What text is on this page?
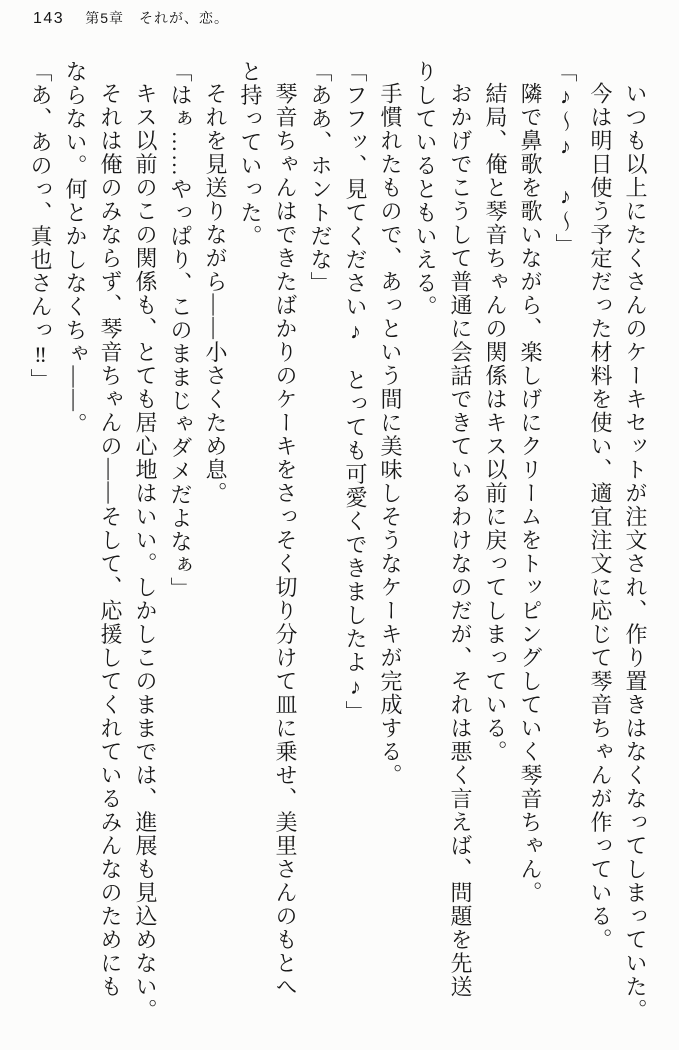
143 第5章　それが、恋。

いつも以上にたくさんのケーキセットが注文され、作り置きはなくなってしまっていた。

今は明日使う予定だった材料を使い、適宜注文に応じて琴音ちゃんが作っている。

「♪～♪　♪～」

隣で鼻歌を歌いながら、楽しげにクリームをトッピングしていく琴音ちゃん。

結局、俺と琴音ちゃんの関係はキス以前に戻ってしまっている。

おかげでこうして普通に会話できているわけなのだが、それは悪く言えば、問題を先送

りしているともいえる。

手慣れたもので、あっという間に美味しそうなケーキが完成する。

「フフッ、見てください♪　とっても可愛くできましたよ♪」

「ああ、ホントだな」

琴音ちゃんはできたばかりのケーキをさっそく切り分けて皿に乗せ、美里さんのもとへ

と持っていった。

それを見送りながら――小さくため息。

「はぁ……やっぱり、このままじゃダメだよなぁ」

キス以前のこの関係も、とても居心地はいい。しかしこのままでは、進展も見込めない。

それは俺のみならず、琴音ちゃんの――そして、応援してくれているみんなのためにも

ならない。何とかしなくちゃ――。

「あ、あのっ、真也さんっ‼」
